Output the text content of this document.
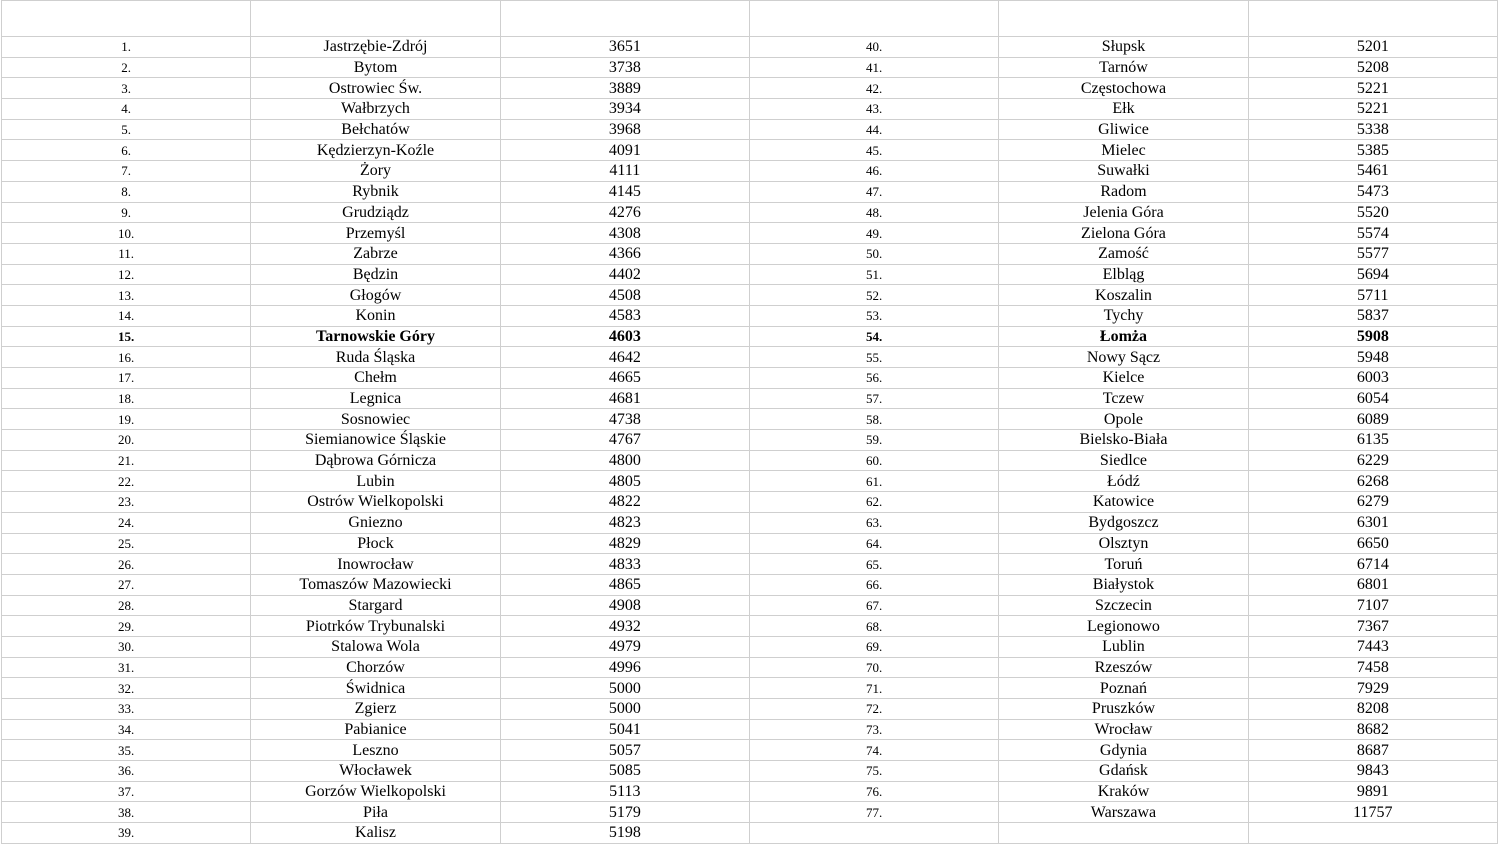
1.	Jastrzębie-Zdrój	3651	40.	Słupsk	5201
2.	Bytom	3738	41.	Tarnów	5208
3.	Ostrowiec Św.	3889	42.	Częstochowa	5221
4.	Wałbrzych	3934	43.	Ełk	5221
5.	Bełchatów	3968	44.	Gliwice	5338
6.	Kędzierzyn-Koźle	4091	45.	Mielec	5385
7.	Żory	4111	46.	Suwałki	5461
8.	Rybnik	4145	47.	Radom	5473
9.	Grudziądz	4276	48.	Jelenia Góra	5520
10.	Przemyśl	4308	49.	Zielona Góra	5574
11.	Zabrze	4366	50.	Zamość	5577
12.	Będzin	4402	51.	Elbląg	5694
13.	Głogów	4508	52.	Koszalin	5711
14.	Konin	4583	53.	Tychy	5837
15.	Tarnowskie Góry	4603	54.	Łomża	5908
16.	Ruda Śląska	4642	55.	Nowy Sącz	5948
17.	Chełm	4665	56.	Kielce	6003
18.	Legnica	4681	57.	Tczew	6054
19.	Sosnowiec	4738	58.	Opole	6089
20.	Siemianowice Śląskie	4767	59.	Bielsko-Biała	6135
21.	Dąbrowa Górnicza	4800	60.	Siedlce	6229
22.	Lubin	4805	61.	Łódź	6268
23.	Ostrów Wielkopolski	4822	62.	Katowice	6279
24.	Gniezno	4823	63.	Bydgoszcz	6301
25.	Płock	4829	64.	Olsztyn	6650
26.	Inowrocław	4833	65.	Toruń	6714
27.	Tomaszów Mazowiecki	4865	66.	Białystok	6801
28.	Stargard	4908	67.	Szczecin	7107
29.	Piotrków Trybunalski	4932	68.	Legionowo	7367
30.	Stalowa Wola	4979	69.	Lublin	7443
31.	Chorzów	4996	70.	Rzeszów	7458
32.	Świdnica	5000	71.	Poznań	7929
33.	Zgierz	5000	72.	Pruszków	8208
34.	Pabianice	5041	73.	Wrocław	8682
35.	Leszno	5057	74.	Gdynia	8687
36.	Włocławek	5085	75.	Gdańsk	9843
37.	Gorzów Wielkopolski	5113	76.	Kraków	9891
38.	Piła	5179	77.	Warszawa	11757
39.	Kalisz	5198			
